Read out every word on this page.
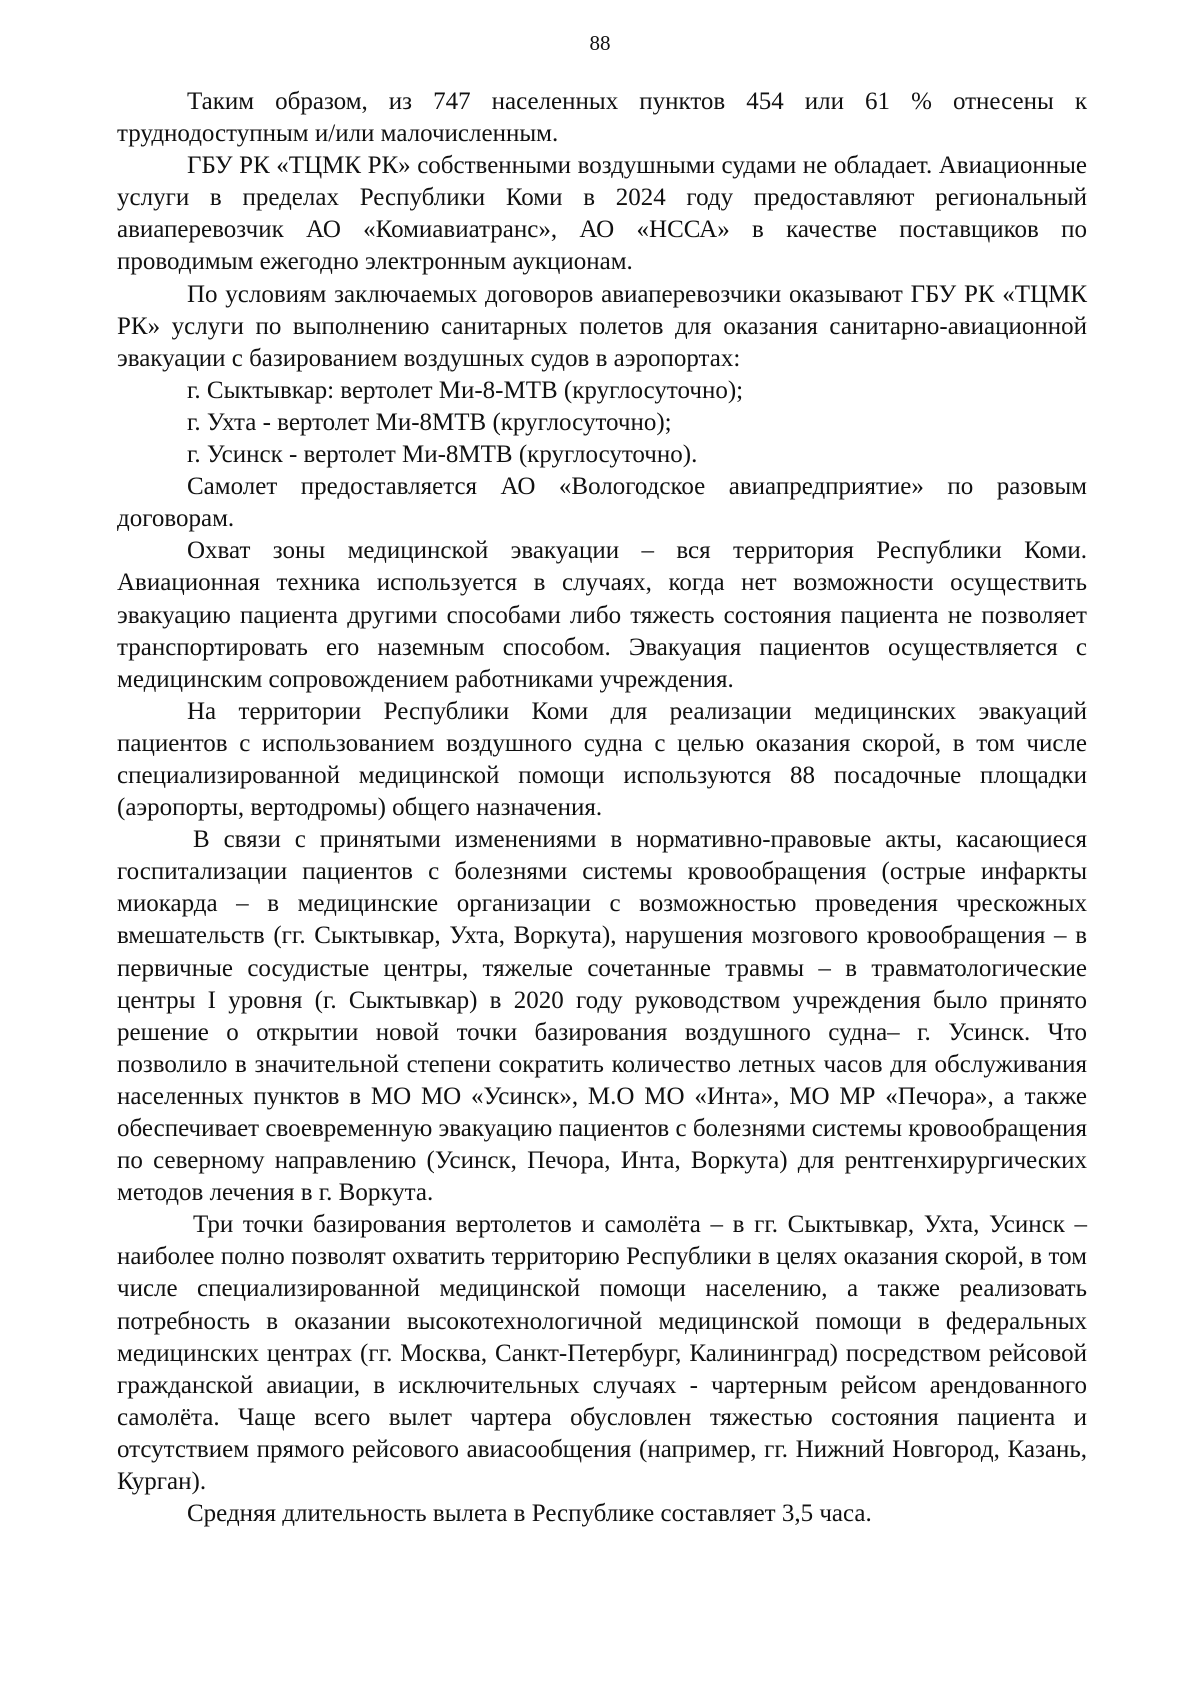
88

Таким образом, из 747 населенных пунктов 454 или 61 % отнесены к труднодоступным и/или малочисленным.

ГБУ РК «ТЦМК РК» собственными воздушными судами не обладает. Авиационные услуги в пределах Республики Коми в 2024 году предоставляют региональный авиаперевозчик АО «Комиавиатранс», АО «НССА» в качестве поставщиков по проводимым ежегодно электронным аукционам.

По условиям заключаемых договоров авиаперевозчики оказывают ГБУ РК «ТЦМК РК» услуги по выполнению санитарных полетов для оказания санитарно-авиационной эвакуации с базированием воздушных судов в аэропортах:

г. Сыктывкар: вертолет Ми-8-МТВ (круглосуточно);

г. Ухта - вертолет Ми-8МТВ (круглосуточно);

г. Усинск - вертолет Ми-8МТВ (круглосуточно).

Самолет предоставляется АО «Вологодское авиапредприятие» по разовым договорам.

Охват зоны медицинской эвакуации – вся территория Республики Коми. Авиационная техника используется в случаях, когда нет возможности осуществить эвакуацию пациента другими способами либо тяжесть состояния пациента не позволяет транспортировать его наземным способом. Эвакуация пациентов осуществляется с медицинским сопровождением работниками учреждения.

На территории Республики Коми для реализации медицинских эвакуаций пациентов с использованием воздушного судна с целью оказания скорой, в том числе специализированной медицинской помощи используются 88 посадочные площадки (аэропорты, вертодромы) общего назначения.

В связи с принятыми изменениями в нормативно-правовые акты, касающиеся госпитализации пациентов с болезнями системы кровообращения (острые инфаркты миокарда – в медицинские организации с возможностью проведения чрескожных вмешательств (гг. Сыктывкар, Ухта, Воркута), нарушения мозгового кровообращения – в первичные сосудистые центры, тяжелые сочетанные травмы – в травматологические центры I уровня (г. Сыктывкар) в 2020 году руководством учреждения было принято решение о открытии новой точки базирования воздушного судна– г. Усинск. Что позволило в значительной степени сократить количество летных часов для обслуживания населенных пунктов в МО МО «Усинск», М.О МО «Инта», МО МР «Печора», а также обеспечивает своевременную эвакуацию пациентов с болезнями системы кровообращения по северному направлению (Усинск, Печора, Инта, Воркута) для рентгенхирургических методов лечения в г. Воркута.

Три точки базирования вертолетов и самолёта – в гг. Сыктывкар, Ухта, Усинск – наиболее полно позволят охватить территорию Республики в целях оказания скорой, в том числе специализированной медицинской помощи населению, а также реализовать потребность в оказании высокотехнологичной медицинской помощи в федеральных медицинских центрах (гг. Москва, Санкт-Петербург, Калининград) посредством рейсовой гражданской авиации, в исключительных случаях - чартерным рейсом арендованного самолёта. Чаще всего вылет чартера обусловлен тяжестью состояния пациента и отсутствием прямого рейсового авиасообщения (например, гг. Нижний Новгород, Казань, Курган).

Средняя длительность вылета в Республике составляет 3,5 часа.
